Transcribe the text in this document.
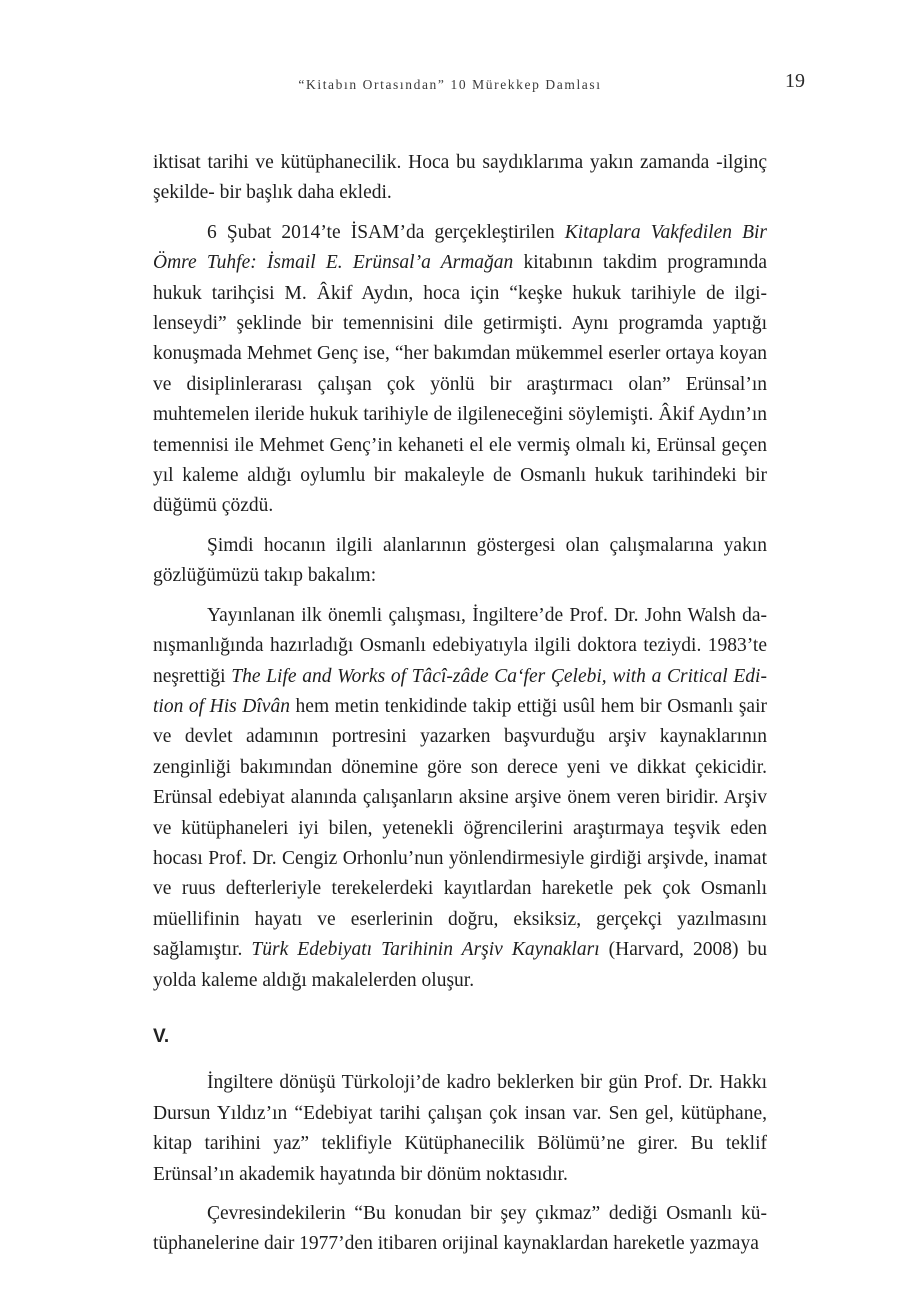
“Kitabın Ortasından” 10 Mürekkep Damlası	19

iktisat tarihi ve kütüphanecilik. Hoca bu saydıklarıma yakın zamanda -ilginç şekilde- bir başlık daha ekledi.

6 Şubat 2014’te İSAM’da gerçekleştirilen Kitaplara Vakfedilen Bir Ömre Tuhfe: İsmail E. Erünsal’a Armağan kitabının takdim programında hukuk tarihçisi M. Âkif Aydın, hoca için “keşke hukuk tarihiyle de ilgilenseydi” şeklinde bir temennisini dile getirmişti. Aynı programda yaptığı konuşmada Mehmet Genç ise, “her bakımdan mükemmel eserler ortaya koyan ve disiplinlerarası çalışan çok yönlü bir araştırmacı olan” Erünsal’ın muhtemelen ileride hukuk tarihiyle de ilgileneceğini söylemişti. Âkif Aydın’ın temennisi ile Mehmet Genç’in kehaneti el ele vermiş olmalı ki, Erünsal geçen yıl kaleme aldığı oylumlu bir makaleyle de Osmanlı hukuk tarihindeki bir düğümü çözdü.

Şimdi hocanın ilgili alanlarının göstergesi olan çalışmalarına yakın gözlüğümüzü takıp bakalım:

Yayınlanan ilk önemli çalışması, İngiltere’de Prof. Dr. John Walsh danışmanlığında hazırladığı Osmanlı edebiyatıyla ilgili doktora teziydi. 1983’te neşrettiği The Life and Works of Tâcî-zâde Ca‘fer Çelebi, with a Critical Edition of His Dîvân hem metin tenkidinde takip ettiği usûl hem bir Osmanlı şair ve devlet adamının portresini yazarken başvurduğu arşiv kaynaklarının zenginliği bakımından dönemine göre son derece yeni ve dikkat çekicidir. Erünsal edebiyat alanında çalışanların aksine arşive önem veren biridir. Arşiv ve kütüphaneleri iyi bilen, yetenekli öğrencilerini araştırmaya teşvik eden hocası Prof. Dr. Cengiz Orhonlu’nun yönlendirmesiyle girdiği arşivde, inamat ve ruus defterleriyle terekelerdeki kayıtlardan hareketle pek çok Osmanlı müellifinin hayatı ve eserlerinin doğru, eksiksiz, gerçekçi yazılmasını sağlamıştır. Türk Edebiyatı Tarihinin Arşiv Kaynakları (Harvard, 2008) bu yolda kaleme aldığı makalelerden oluşur.

V.

İngiltere dönüşü Türkoloji’de kadro beklerken bir gün Prof. Dr. Hakkı Dursun Yıldız’ın “Edebiyat tarihi çalışan çok insan var. Sen gel, kütüphane, kitap tarihini yaz” teklifiyle Kütüphanecilik Bölümü’ne girer. Bu teklif Erünsal’ın akademik hayatında bir dönüm noktasıdır.

Çevresindekilerin “Bu konudan bir şey çıkmaz” dediği Osmanlı kütüphanelerine dair 1977’den itibaren orijinal kaynaklardan hareketle yazmaya
